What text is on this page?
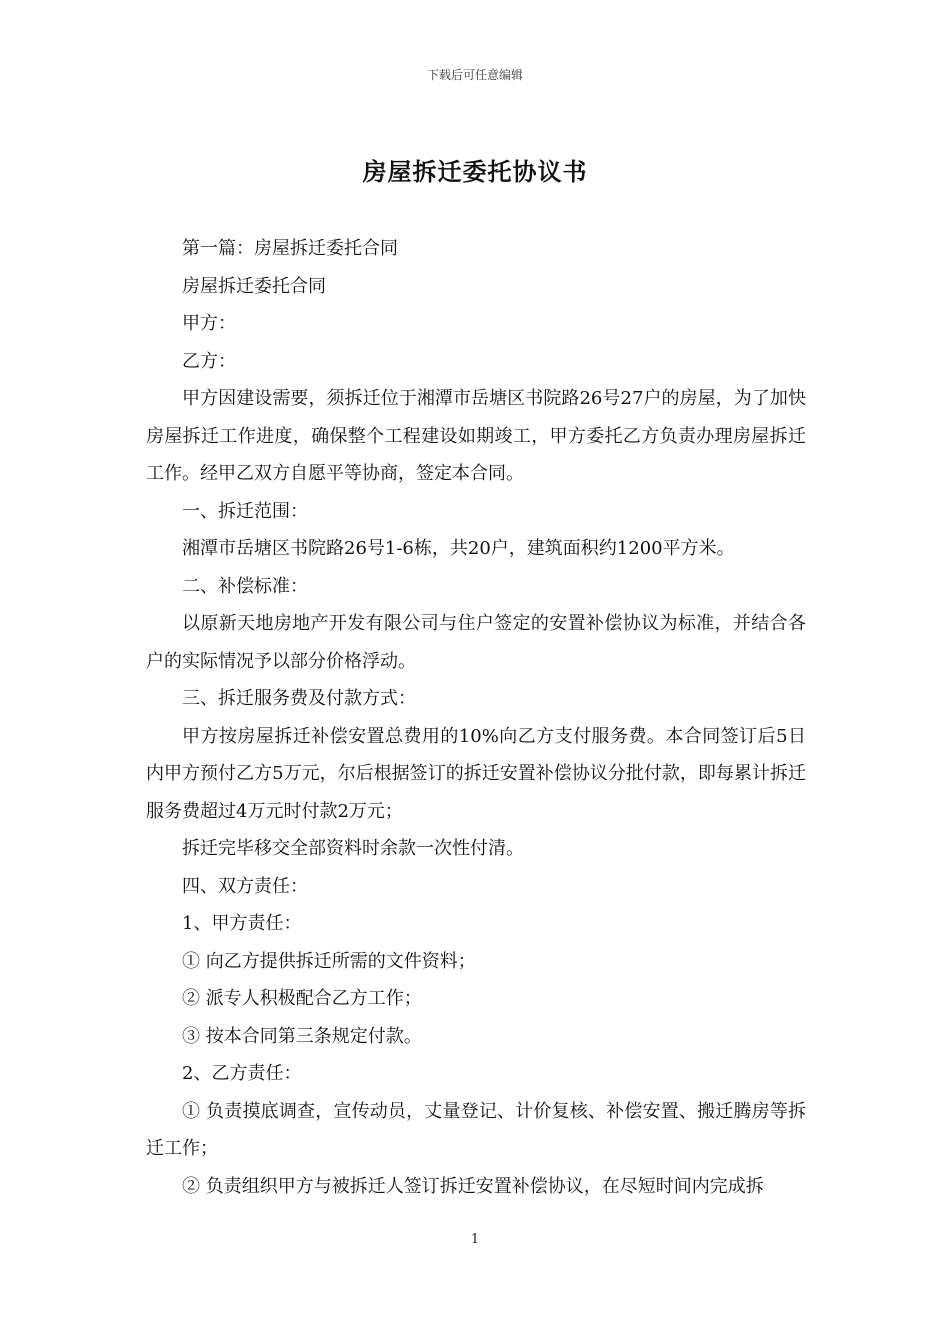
下载后可任意编辑
房屋拆迁委托协议书

第一篇：房屋拆迁委托合同

房屋拆迁委托合同

甲方：

乙方：

甲方因建设需要，须拆迁位于湘潭市岳塘区书院路26号27户的房屋，为了加快房屋拆迁工作进度，确保整个工程建设如期竣工，甲方委托乙方负责办理房屋拆迁工作。经甲乙双方自愿平等协商，签定本合同。

一、拆迁范围：

湘潭市岳塘区书院路26号1-6栋，共20户，建筑面积约1200平方米。

二、补偿标准：

以原新天地房地产开发有限公司与住户签定的安置补偿协议为标准，并结合各户的实际情况予以部分价格浮动。

三、拆迁服务费及付款方式：

甲方按房屋拆迁补偿安置总费用的10%向乙方支付服务费。本合同签订后5日内甲方预付乙方5万元，尔后根据签订的拆迁安置补偿协议分批付款，即每累计拆迁服务费超过4万元时付款2万元；

拆迁完毕移交全部资料时余款一次性付清。

四、双方责任：

1、甲方责任：

① 向乙方提供拆迁所需的文件资料；

② 派专人积极配合乙方工作；

③ 按本合同第三条规定付款。

2、乙方责任：

① 负责摸底调查，宣传动员，丈量登记、计价复核、补偿安置、搬迁腾房等拆迁工作；

② 负责组织甲方与被拆迁人签订拆迁安置补偿协议，在尽短时间内完成拆

1
